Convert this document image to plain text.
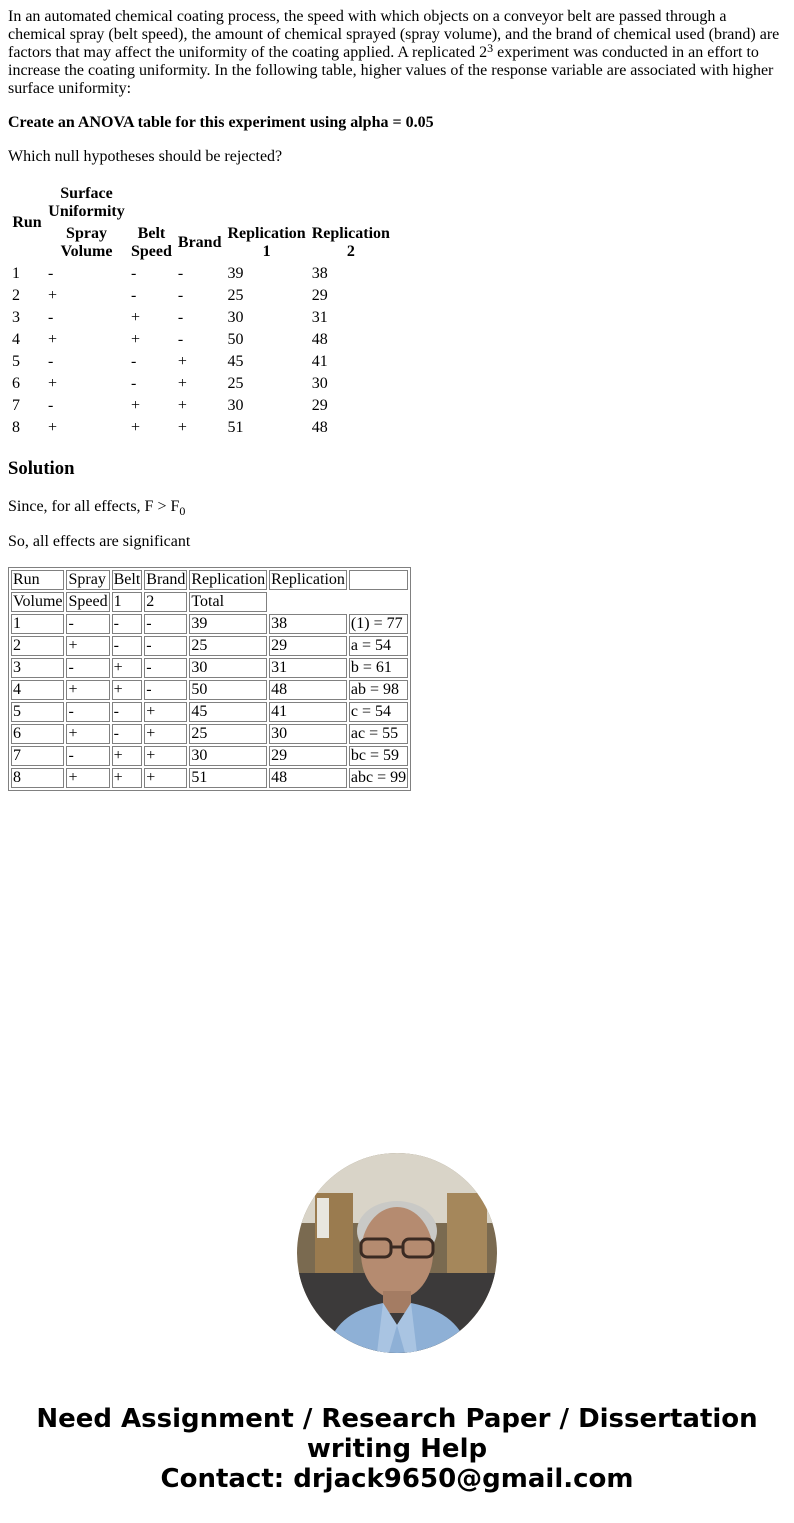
In an automated chemical coating process, the speed with which objects on a conveyor belt are passed through a chemical spray (belt speed), the amount of chemical sprayed (spray volume), and the brand of chemical used (brand) are factors that may affect the uniformity of the coating applied. A replicated $2^3$ experiment was conducted in an effort to increase the coating uniformity. In the following table, higher values of the response variable are associated with higher surface uniformity:

Create an ANOVA table for this experiment using alpha = 0.05

Which null hypotheses should be rejected?

Run	Surface Uniformity				
	Spray Volume	Belt Speed	Brand	Replication 1	Replication 2
1	-	-	-	39	38
2	+	-	-	25	29
3	-	+	-	30	31
4	+	+	-	50	48
5	-	-	+	45	41
6	+	-	+	25	30
7	-	+	+	30	29
8	+	+	+	51	48
Solution

Since, for all effects, $F > F_0$

So, all effects are significant

Run	Spray	Belt	Brand	Replication	Replication	
Volume	Speed	1	2	Total		
1	-	-	-	39	38	(1) = 77
2	+	-	-	25	29	a = 54
3	-	+	-	30	31	b = 61
4	+	+	-	50	48	ab = 98
5	-	-	+	45	41	c = 54
6	+	-	+	25	30	ac = 55
7	-	+	+	30	29	bc = 59
8	+	+	+	51	48	abc = 99
Need Assignment / Research Paper / Dissertation
writing Help
Contact: drjack9650@gmail.com
